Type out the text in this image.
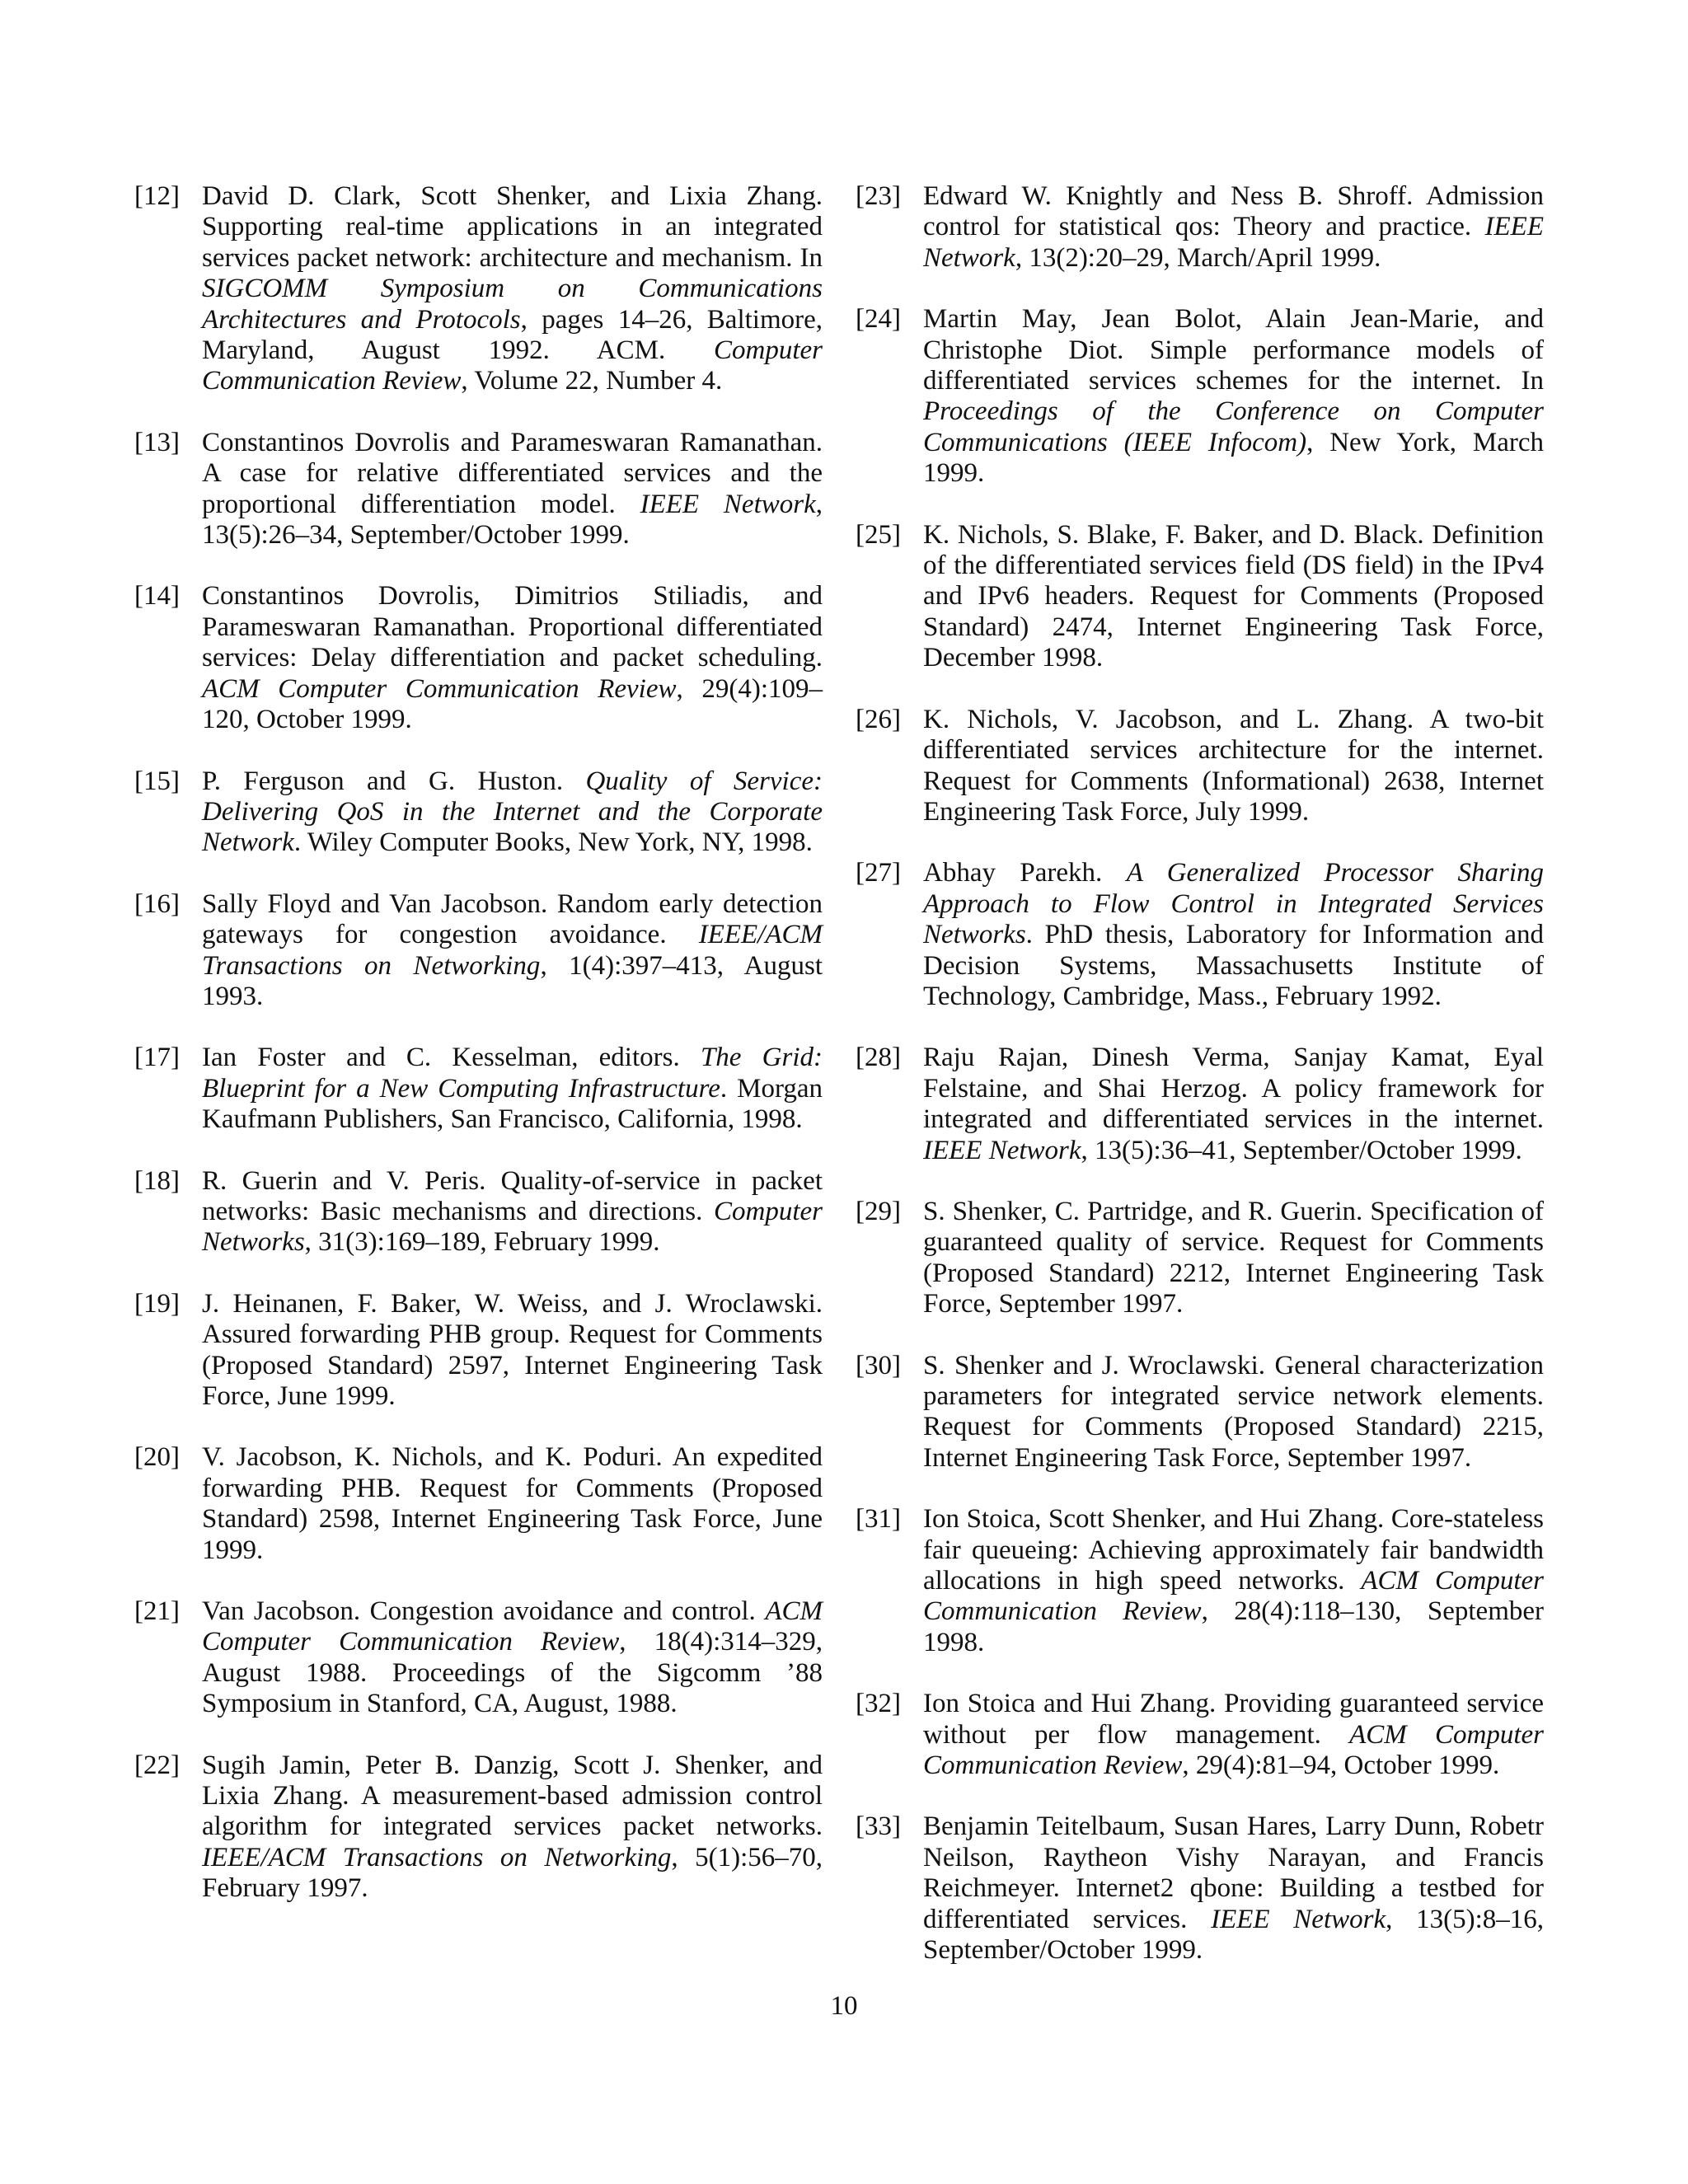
[12] David D. Clark, Scott Shenker, and Lixia Zhang. Supporting real-time applications in an integrated services packet network: architecture and mechanism. In SIGCOMM Symposium on Communications Architectures and Protocols, pages 14–26, Baltimore, Maryland, August 1992. ACM. Computer Communication Review, Volume 22, Number 4.
[13] Constantinos Dovrolis and Parameswaran Ramanathan. A case for relative differentiated services and the proportional differentiation model. IEEE Network, 13(5):26–34, September/October 1999.
[14] Constantinos Dovrolis, Dimitrios Stiliadis, and Parameswaran Ramanathan. Proportional differentiated services: Delay differentiation and packet scheduling. ACM Computer Communication Review, 29(4):109–120, October 1999.
[15] P. Ferguson and G. Huston. Quality of Service: Delivering QoS in the Internet and the Corporate Network. Wiley Computer Books, New York, NY, 1998.
[16] Sally Floyd and Van Jacobson. Random early detection gateways for congestion avoidance. IEEE/ACM Transactions on Networking, 1(4):397–413, August 1993.
[17] Ian Foster and C. Kesselman, editors. The Grid: Blueprint for a New Computing Infrastructure. Morgan Kaufmann Publishers, San Francisco, California, 1998.
[18] R. Guerin and V. Peris. Quality-of-service in packet networks: Basic mechanisms and directions. Computer Networks, 31(3):169–189, February 1999.
[19] J. Heinanen, F. Baker, W. Weiss, and J. Wroclawski. Assured forwarding PHB group. Request for Comments (Proposed Standard) 2597, Internet Engineering Task Force, June 1999.
[20] V. Jacobson, K. Nichols, and K. Poduri. An expedited forwarding PHB. Request for Comments (Proposed Standard) 2598, Internet Engineering Task Force, June 1999.
[21] Van Jacobson. Congestion avoidance and control. ACM Computer Communication Review, 18(4):314–329, August 1988. Proceedings of the Sigcomm ’88 Symposium in Stanford, CA, August, 1988.
[22] Sugih Jamin, Peter B. Danzig, Scott J. Shenker, and Lixia Zhang. A measurement-based admission control algorithm for integrated services packet networks. IEEE/ACM Transactions on Networking, 5(1):56–70, February 1997.
[23] Edward W. Knightly and Ness B. Shroff. Admission control for statistical qos: Theory and practice. IEEE Network, 13(2):20–29, March/April 1999.
[24] Martin May, Jean Bolot, Alain Jean-Marie, and Christophe Diot. Simple performance models of differentiated services schemes for the internet. In Proceedings of the Conference on Computer Communications (IEEE Infocom), New York, March 1999.
[25] K. Nichols, S. Blake, F. Baker, and D. Black. Definition of the differentiated services field (DS field) in the IPv4 and IPv6 headers. Request for Comments (Proposed Standard) 2474, Internet Engineering Task Force, December 1998.
[26] K. Nichols, V. Jacobson, and L. Zhang. A two-bit differentiated services architecture for the internet. Request for Comments (Informational) 2638, Internet Engineering Task Force, July 1999.
[27] Abhay Parekh. A Generalized Processor Sharing Approach to Flow Control in Integrated Services Networks. PhD thesis, Laboratory for Information and Decision Systems, Massachusetts Institute of Technology, Cambridge, Mass., February 1992.
[28] Raju Rajan, Dinesh Verma, Sanjay Kamat, Eyal Felstaine, and Shai Herzog. A policy framework for integrated and differentiated services in the internet. IEEE Network, 13(5):36–41, September/October 1999.
[29] S. Shenker, C. Partridge, and R. Guerin. Specification of guaranteed quality of service. Request for Comments (Proposed Standard) 2212, Internet Engineering Task Force, September 1997.
[30] S. Shenker and J. Wroclawski. General characterization parameters for integrated service network elements. Request for Comments (Proposed Standard) 2215, Internet Engineering Task Force, September 1997.
[31] Ion Stoica, Scott Shenker, and Hui Zhang. Core-stateless fair queueing: Achieving approximately fair bandwidth allocations in high speed networks. ACM Computer Communication Review, 28(4):118–130, September 1998.
[32] Ion Stoica and Hui Zhang. Providing guaranteed service without per flow management. ACM Computer Communication Review, 29(4):81–94, October 1999.
[33] Benjamin Teitelbaum, Susan Hares, Larry Dunn, Robetr Neilson, Raytheon Vishy Narayan, and Francis Reichmeyer. Internet2 qbone: Building a testbed for differentiated services. IEEE Network, 13(5):8–16, September/October 1999.
10
